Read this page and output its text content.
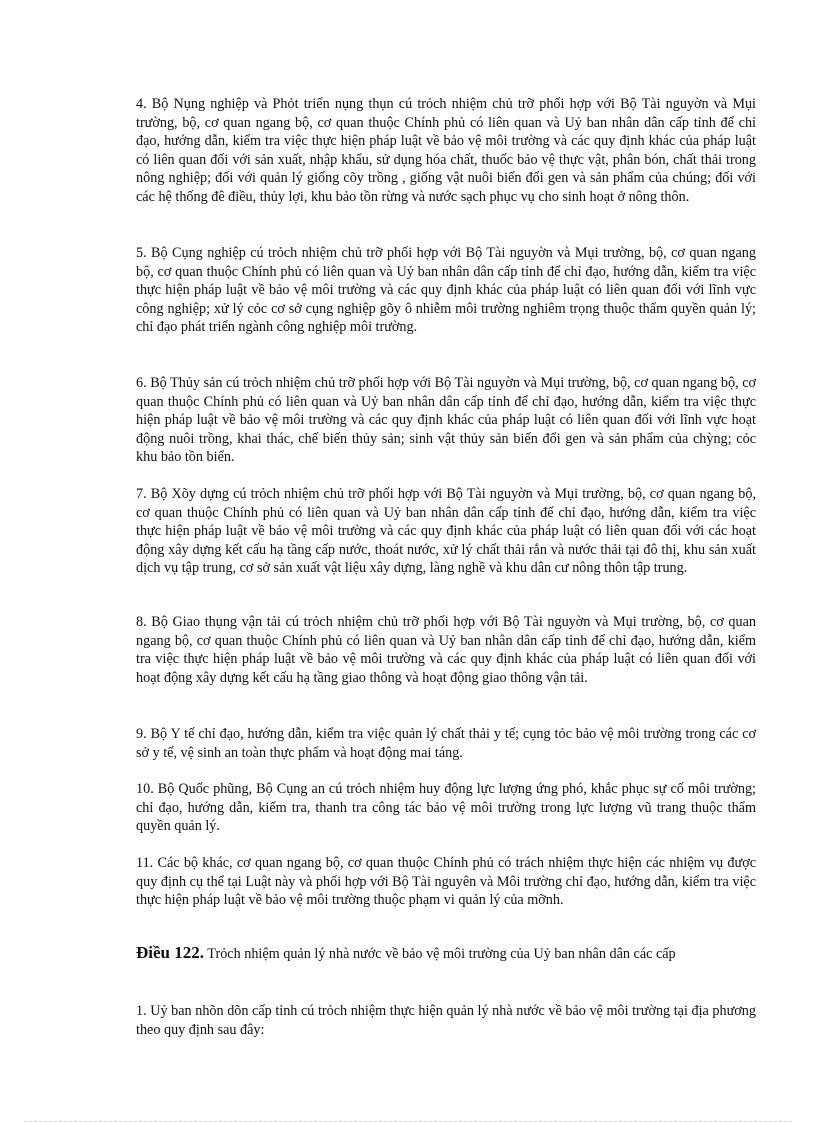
4. Bộ Nụng nghiệp và Phỏt triển nụng thụn cú trỏch nhiệm chủ trỡ phối hợp với Bộ Tài nguyờn và Mụi trường, bộ, cơ quan ngang bộ, cơ quan thuộc Chính phủ có liên quan và Uỷ ban nhân dân cấp tỉnh để chỉ đạo, hướng dẫn, kiểm tra việc thực hiện pháp luật về bảo vệ môi trường và các quy định khác của pháp luật có liên quan đối với sản xuất, nhập khẩu, sử dụng hóa chất, thuốc bảo vệ thực vật, phân bón, chất thải trong nông nghiệp; đối với quản lý giống cõy trồng , giống vật nuôi biến đổi gen và sản phẩm của chúng; đối với các hệ thống đê điều, thủy lợi, khu bảo tồn rừng và nước sạch phục vụ cho sinh hoạt ở nông thôn.

5. Bộ Cụng nghiệp cú trỏch nhiệm chủ trỡ phối hợp với Bộ Tài nguyờn và Mụi trường, bộ, cơ quan ngang bộ, cơ quan thuộc Chính phủ có liên quan và Uỷ ban nhân dân cấp tỉnh để chỉ đạo, hướng dẫn, kiểm tra việc thực hiện pháp luật về bảo vệ môi trường và các quy định khác của pháp luật có liên quan đối với lĩnh vực công nghiệp; xử lý cỏc cơ sở cụng nghiệp gõy ô nhiễm môi trường nghiêm trọng thuộc thẩm quyền quản lý; chỉ đạo phát triển ngành công nghiệp môi trường.

6. Bộ Thủy sản cú trỏch nhiệm chủ trỡ phối hợp với Bộ Tài nguyờn và Mụi trường, bộ, cơ quan ngang bộ, cơ quan thuộc Chính phủ có liên quan và Uỷ ban nhân dân cấp tỉnh để chỉ đạo, hướng dẫn, kiểm tra việc thực hiện pháp luật về bảo vệ môi trường và các quy định khác của pháp luật có liên quan đối với lĩnh vực hoạt động nuôi trồng, khai thác, chế biến thủy sản; sinh vật thủy sản biến đổi gen và sản phẩm của chỳng; cỏc khu bảo tồn biển.

7. Bộ Xõy dựng cú trỏch nhiệm chủ trỡ phối hợp với Bộ Tài nguyờn và Mụi trường, bộ, cơ quan ngang bộ, cơ quan thuộc Chính phủ có liên quan và Uỷ ban nhân dân cấp tỉnh để chỉ đạo, hướng dẫn, kiểm tra việc thực hiện pháp luật về bảo vệ môi trường và các quy định khác của pháp luật có liên quan đối với các hoạt động xây dựng kết cấu hạ tầng cấp nước, thoát nước, xử lý chất thải rắn và nước thải tại đô thị, khu sản xuất dịch vụ tập trung, cơ sở sản xuất vật liệu xây dựng, làng nghề và khu dân cư nông thôn tập trung.

8. Bộ Giao thụng vận tải cú trỏch nhiệm chủ trỡ phối hợp với Bộ Tài nguyờn và Mụi trường, bộ, cơ quan ngang bộ, cơ quan thuộc Chính phủ có liên quan và Uỷ ban nhân dân cấp tỉnh để chỉ đạo, hướng dẫn, kiểm tra việc thực hiện pháp luật về bảo vệ môi trường và các quy định khác của pháp luật có liên quan đối với hoạt động xây dựng kết cấu hạ tầng giao thông và hoạt động giao thông vận tải.

9. Bộ Y tế chỉ đạo, hướng dẫn, kiểm tra việc quản lý chất thải y tế; cụng tỏc bảo vệ môi trường trong các cơ sở y tế, vệ sinh an toàn thực phẩm và hoạt động mai táng.

10. Bộ Quốc phũng, Bộ Cụng an cú trỏch nhiệm huy động lực lượng ứng phó, khắc phục sự cố môi trường; chỉ đạo, hướng dẫn, kiểm tra, thanh tra công tác bảo vệ môi trường trong lực lượng vũ trang thuộc thẩm quyền quản lý.

11. Các bộ khác, cơ quan ngang bộ, cơ quan thuộc Chính phủ có trách nhiệm thực hiện các nhiệm vụ được quy định cụ thể tại Luật này và phối hợp với Bộ Tài nguyên và Môi trường chỉ đạo, hướng dẫn, kiểm tra việc thực hiện pháp luật về bảo vệ môi trường thuộc phạm vi quản lý của mỡnh.

Điều 122. Trỏch nhiệm quản lý nhà nước về bảo vệ môi trường của Uỷ ban nhân dân các cấp

1. Uỷ ban nhõn dõn cấp tỉnh cú trỏch nhiệm thực hiện quản lý nhà nước về bảo vệ môi trường tại địa phương theo quy định sau đây:
